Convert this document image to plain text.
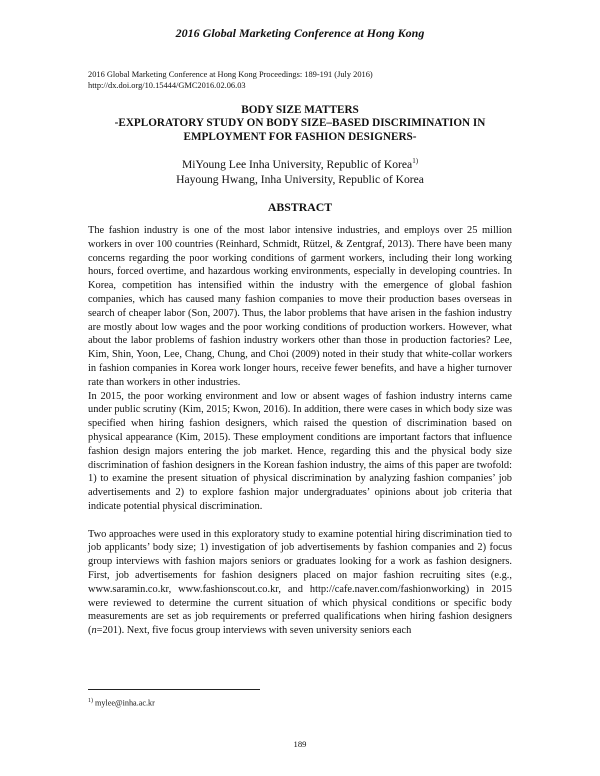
2016 Global Marketing Conference at Hong Kong
2016 Global Marketing Conference at Hong Kong Proceedings: 189-191 (July 2016)
http://dx.doi.org/10.15444/GMC2016.02.06.03
BODY SIZE MATTERS
-EXPLORATORY STUDY ON BODY SIZE–BASED DISCRIMINATION IN
EMPLOYMENT FOR FASHION DESIGNERS-
MiYoung Lee Inha University, Republic of Korea$^{1)}$
Hayoung Hwang, Inha University, Republic of Korea
ABSTRACT

The fashion industry is one of the most labor intensive industries, and employs over 25 million workers in over 100 countries (Reinhard, Schmidt, Rützel, & Zentgraf, 2013). There have been many concerns regarding the poor working conditions of garment workers, including their long working hours, forced overtime, and hazardous working environments, especially in developing countries. In Korea, competition has intensified within the industry with the emergence of global fashion companies, which has caused many fashion companies to move their production bases overseas in search of cheaper labor (Son, 2007). Thus, the labor problems that have arisen in the fashion industry are mostly about low wages and the poor working conditions of production workers. However, what about the labor problems of fashion industry workers other than those in production factories? Lee, Kim, Shin, Yoon, Lee, Chang, Chung, and Choi (2009) noted in their study that white-collar workers in fashion companies in Korea work longer hours, receive fewer benefits, and have a higher turnover rate than workers in other industries.

In 2015, the poor working environment and low or absent wages of fashion industry interns came under public scrutiny (Kim, 2015; Kwon, 2016). In addition, there were cases in which body size was specified when hiring fashion designers, which raised the question of discrimination based on physical appearance (Kim, 2015). These employment conditions are important factors that influence fashion design majors entering the job market. Hence, regarding this and the physical body size discrimination of fashion designers in the Korean fashion industry, the aims of this paper are twofold: 1) to examine the present situation of physical discrimination by analyzing fashion companies’ job advertisements and 2) to explore fashion major undergraduates’ opinions about job criteria that indicate potential physical discrimination.

Two approaches were used in this exploratory study to examine potential hiring discrimination tied to job applicants’ body size; 1) investigation of job advertisements by fashion companies and 2) focus group interviews with fashion majors seniors or graduates looking for a work as fashion designers. First, job advertisements for fashion designers placed on major fashion recruiting sites (e.g., www.saramin.co.kr, www.fashionscout.co.kr, and http://cafe.naver.com/fashionworking) in 2015 were reviewed to determine the current situation of which physical conditions or specific body measurements are set as job requirements or preferred qualifications when hiring fashion designers (n=201). Next, five focus group interviews with seven university seniors each

$^{1)}$ mylee@inha.ac.kr
189
